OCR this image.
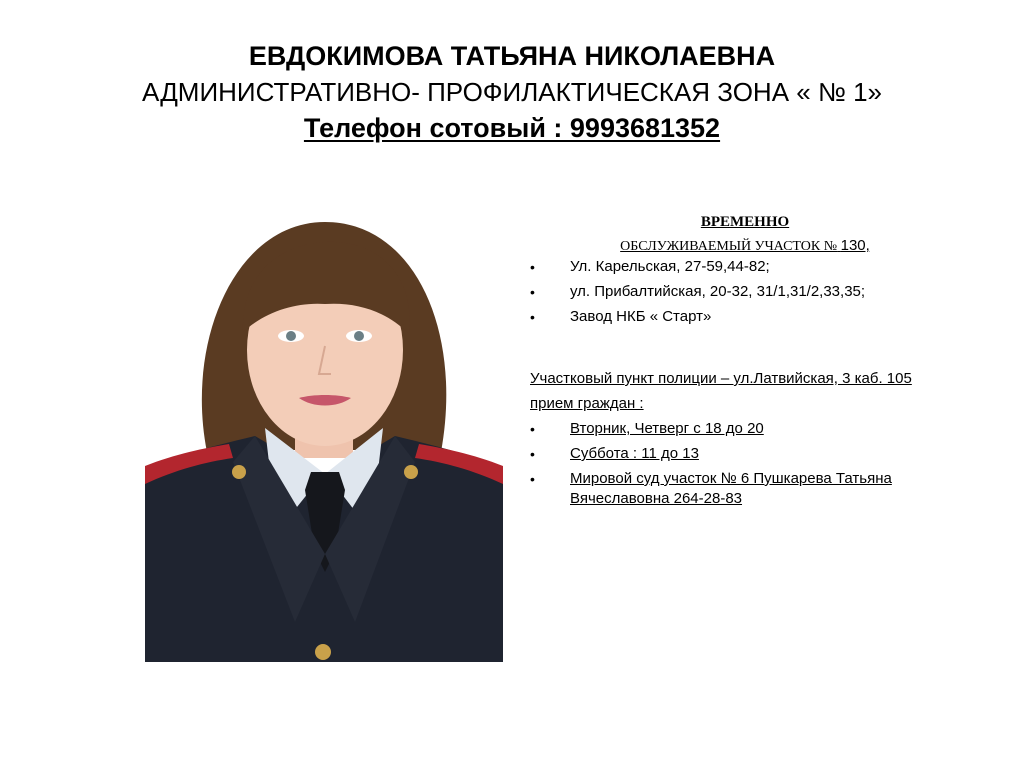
ЕВДОКИМОВА ТАТЬЯНА НИКОЛАЕВНА

АДМИНИСТРАТИВНО- ПРОФИЛАКТИЧЕСКАЯ ЗОНА « № 1»

Телефон сотовый : 9993681352

ВРЕМЕННО
ОБСЛУЖИВАЕМЫЙ УЧАСТОК № 130,
• Ул. Карельская, 27-59,44-82;
• ул. Прибалтийская, 20-32, 31/1,31/2,33,35;
• Завод НКБ « Старт»
Участковый пункт полиции – ул.Латвийская, 3 каб. 105
прием граждан :
• Вторник, Четверг с 18 до 20
• Суббота : 11 до 13
• Мировой суд участок № 6 Пушкарева Татьяна Вячеславовна 264-28-83
